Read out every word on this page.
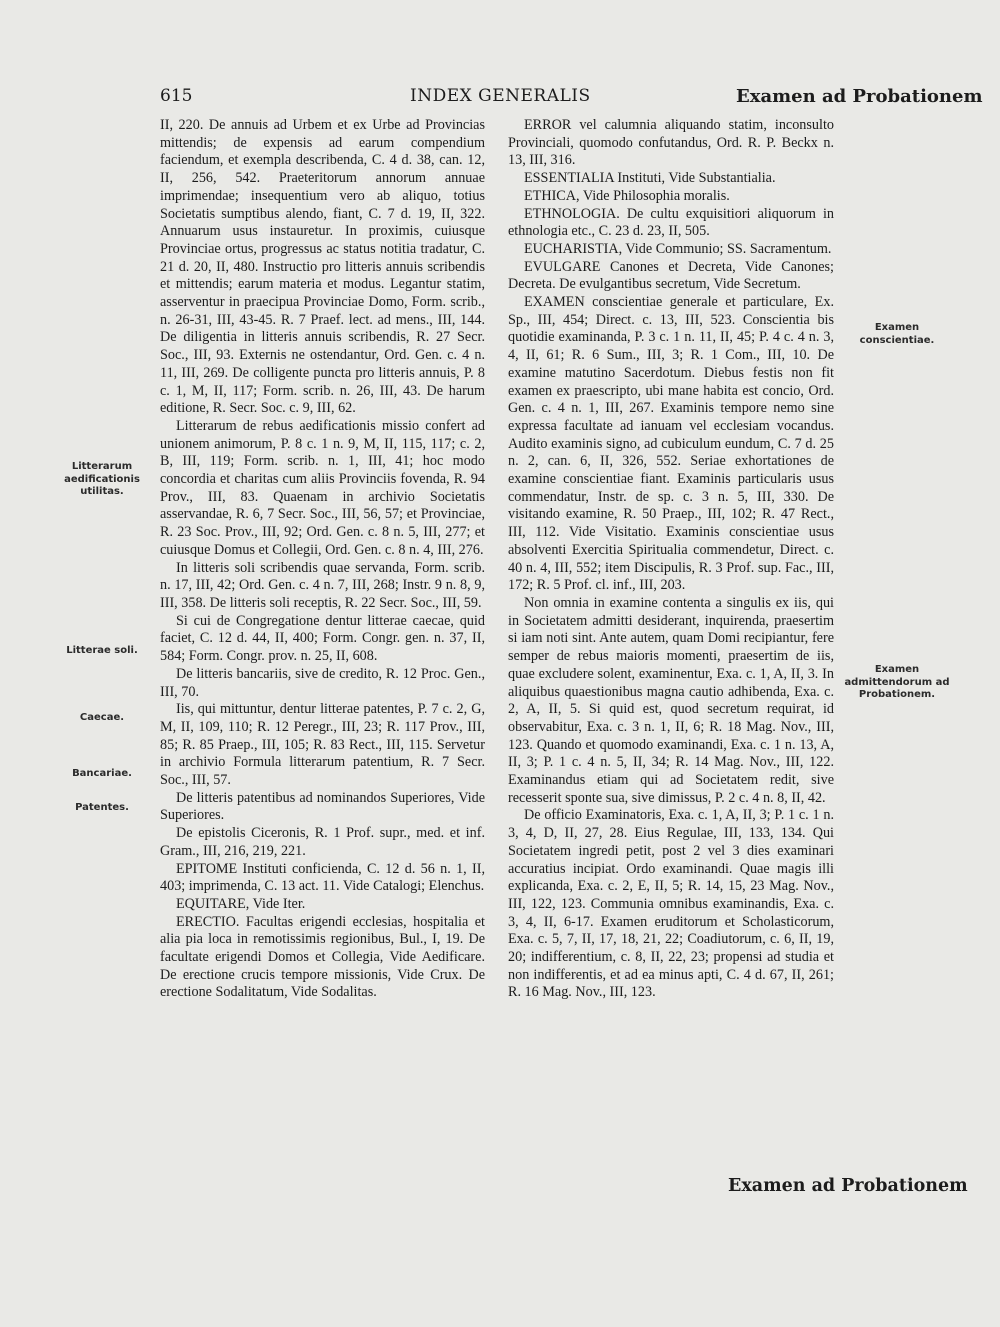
615	INDEX GENERALIS	Examen ad Probationem

II, 220. De annuis ad Urbem et ex Urbe ad Provincias mittendis; de expensis ad earum compendium faciendum, et exempla describenda, C. 4 d. 38, can. 12, II, 256, 542. Praeteritorum annorum annuae imprimendae; insequentium vero ab aliquo, totius Societatis sumptibus alendo, fiant, C. 7 d. 19, II, 322. Annuarum usus instauretur. In proximis, cuiusque Provinciae ortus, progressus ac status notitia tradatur, C. 21 d. 20, II, 480. Instructio pro litteris annuis scribendis et mittendis; earum materia et modus. Legantur statim, asserventur in praecipua Provinciae Domo, Form. scrib., n. 26-31, III, 43-45. R. 7 Praef. lect. ad mens., III, 144. De diligentia in litteris annuis scribendis, R. 27 Secr. Soc., III, 93. Externis ne ostendantur, Ord. Gen. c. 4 n. 11, III, 269. De colligente puncta pro litteris annuis, P. 8 c. 1, M, II, 117; Form. scrib. n. 26, III, 43. De harum editione, R. Secr. Soc. c. 9, III, 62.

Litterarum de rebus aedificationis missio confert ad unionem animorum, P. 8 c. 1 n. 9, M, II, 115, 117; c. 2, B, III, 119; Form. scrib. n. 1, III, 41; hoc modo concordia et charitas cum aliis Provinciis fovenda, R. 94 Prov., III, 83. Quaenam in archivio Societatis asservandae, R. 6, 7 Secr. Soc., III, 56, 57; et Provinciae, R. 23 Soc. Prov., III, 92; Ord. Gen. c. 8 n. 5, III, 277; et cuiusque Domus et Collegii, Ord. Gen. c. 8 n. 4, III, 276.

In litteris soli scribendis quae servanda, Form. scrib. n. 17, III, 42; Ord. Gen. c. 4 n. 7, III, 268; Instr. 9 n. 8, 9, III, 358. De litteris soli receptis, R. 22 Secr. Soc., III, 59.

Si cui de Congregatione dentur litterae caecae, quid faciet, C. 12 d. 44, II, 400; Form. Congr. gen. n. 37, II, 584; Form. Congr. prov. n. 25, II, 608.

De litteris bancariis, sive de credito, R. 12 Proc. Gen., III, 70.

Iis, qui mittuntur, dentur litterae patentes, P. 7 c. 2, G, M, II, 109, 110; R. 12 Peregr., III, 23; R. 117 Prov., III, 85; R. 85 Praep., III, 105; R. 83 Rect., III, 115. Servetur in archivio Formula litterarum patentium, R. 7 Secr. Soc., III, 57.

De litteris patentibus ad nominandos Superiores, Vide Superiores.

De epistolis Ciceronis, R. 1 Prof. supr., med. et inf. Gram., III, 216, 219, 221.

EPITOME Instituti conficienda, C. 12 d. 56 n. 1, II, 403; imprimenda, C. 13 act. 11. Vide Catalogi; Elenchus.

EQUITARE, Vide Iter.

ERECTIO. Facultas erigendi ecclesias, hospitalia et alia pia loca in remotissimis regionibus, Bul., I, 19. De facultate erigendi Domos et Collegia, Vide Aedificare. De erectione crucis tempore missionis, Vide Crux. De erectione Sodalitatum, Vide Sodalitas.

ERROR vel calumnia aliquando statim, inconsulto Provinciali, quomodo confutandus, Ord. R. P. Beckx n. 13, III, 316.

ESSENTIALIA Instituti, Vide Substantialia.

ETHICA, Vide Philosophia moralis.

ETHNOLOGIA. De cultu exquisitiori aliquorum in ethnologia etc., C. 23 d. 23, II, 505.

EUCHARISTIA, Vide Communio; SS. Sacramentum.

EVULGARE Canones et Decreta, Vide Canones; Decreta. De evulgantibus secretum, Vide Secretum.

EXAMEN conscientiae generale et particulare, Ex. Sp., III, 454; Direct. c. 13, III, 523. Conscientia bis quotidie examinanda, P. 3 c. 1 n. 11, II, 45; P. 4 c. 4 n. 3, 4, II, 61; R. 6 Sum., III, 3; R. 1 Com., III, 10. De examine matutino Sacerdotum. Diebus festis non fit examen ex praescripto, ubi mane habita est concio, Ord. Gen. c. 4 n. 1, III, 267. Examinis tempore nemo sine expressa facultate ad ianuam vel ecclesiam vocandus. Audito examinis signo, ad cubiculum eundum, C. 7 d. 25 n. 2, can. 6, II, 326, 552. Seriae exhortationes de examine conscientiae fiant. Examinis particularis usus commendatur, Instr. de sp. c. 3 n. 5, III, 330. De visitando examine, R. 50 Praep., III, 102; R. 47 Rect., III, 112. Vide Visitatio. Examinis conscientiae usus absolventi Exercitia Spiritualia commendetur, Direct. c. 40 n. 4, III, 552; item Discipulis, R. 3 Prof. sup. Fac., III, 172; R. 5 Prof. cl. inf., III, 203.

Non omnia in examine contenta a singulis ex iis, qui in Societatem admitti desiderant, inquirenda, praesertim si iam noti sint. Ante autem, quam Domi recipiantur, fere semper de rebus maioris momenti, praesertim de iis, quae excludere solent, examinentur, Exa. c. 1, A, II, 3. In aliquibus quaestionibus magna cautio adhibenda, Exa. c. 2, A, II, 5. Si quid est, quod secretum requirat, id observabitur, Exa. c. 3 n. 1, II, 6; R. 18 Mag. Nov., III, 123. Quando et quomodo examinandi, Exa. c. 1 n. 13, A, II, 3; P. 1 c. 4 n. 5, II, 34; R. 14 Mag. Nov., III, 122. Examinandus etiam qui ad Societatem redit, sive recesserit sponte sua, sive dimissus, P. 2 c. 4 n. 8, II, 42.

De officio Examinatoris, Exa. c. 1, A, II, 3; P. 1 c. 1 n. 3, 4, D, II, 27, 28. Eius Regulae, III, 133, 134. Qui Societatem ingredi petit, post 2 vel 3 dies examinari accuratius incipiat. Ordo examinandi. Quae magis illi explicanda, Exa. c. 2, E, II, 5; R. 14, 15, 23 Mag. Nov., III, 122, 123. Communia omnibus examinandis, Exa. c. 3, 4, II, 6-17. Examen eruditorum et Scholasticorum, Exa. c. 5, 7, II, 17, 18, 21, 22; Coadiutorum, c. 6, II, 19, 20; indifferentium, c. 8, II, 22, 23; propensi ad studia et non indifferentis, et ad ea minus apti, C. 4 d. 67, II, 261; R. 16 Mag. Nov., III, 123.

Litterarum aedificationis utilitas.
Litterae soli.
Caecae.
Bancariae.
Patentes.
Examen conscientiae.
Examen admittendorum ad Probationem.
Examen ad Probationem
